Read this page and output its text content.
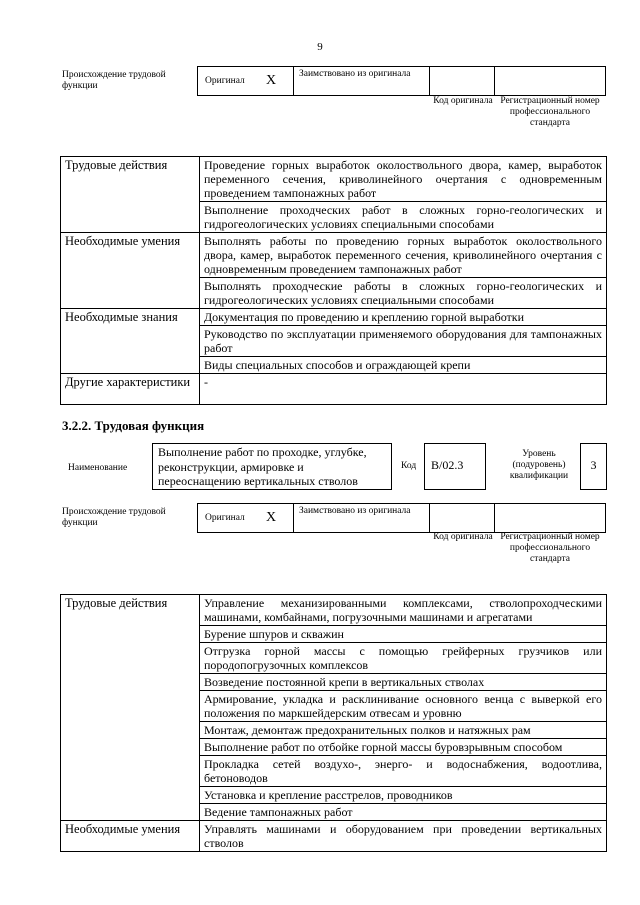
9
Происхождение трудовой функции	Оригинал X Заимствовано из оригинала
Код оригинала Регистрационный номер профессионального стандарта
Трудовые действия	Проведение горных выработок околоствольного двора, камер, выработок переменного сечения, криволинейного очертания с одновременным проведением тампонажных работ
	Выполнение проходческих работ в сложных горно-геологических и гидрогеологических условиях специальными способами
Необходимые умения	Выполнять работы по проведению горных выработок околоствольного двора, камер, выработок переменного сечения, криволинейного очертания с одновременным проведением тампонажных работ
	Выполнять проходческие работы в сложных горно-геологических и гидрогеологических условиях специальными способами
Необходимые знания	Документация по проведению и креплению горной выработки
	Руководство по эксплуатации применяемого оборудования для тампонажных работ
	Виды специальных способов и ограждающей крепи
Другие характеристики	-
3.2.2. Трудовая функция
Наименование
Выполнение работ по проходке, углубке, реконструкции, армировке и переоснащению вертикальных стволов
Код	B/02.3
Уровень (подуровень) квалификации
3
Происхождение трудовой функции	Оригинал X Заимствовано из оригинала
Код оригинала Регистрационный номер профессионального стандарта
Трудовые действия	Управление механизированными комплексами, стволопроходческими машинами, комбайнами, погрузочными машинами и агрегатами
	Бурение шпуров и скважин
	Отгрузка горной массы с помощью грейферных грузчиков или породопогрузочных комплексов
	Возведение постоянной крепи в вертикальных стволах
	Армирование, укладка и расклинивание основного венца с выверкой его положения по маркшейдерским отвесам и уровню
	Монтаж, демонтаж предохранительных полков и натяжных рам
	Выполнение работ по отбойке горной массы буровзрывным способом
	Прокладка сетей воздухо-, энерго- и водоснабжения, водоотлива, бетоноводов
	Установка и крепление расстрелов, проводников
	Ведение тампонажных работ
Необходимые умения	Управлять машинами и оборудованием при проведении вертикальных стволов
